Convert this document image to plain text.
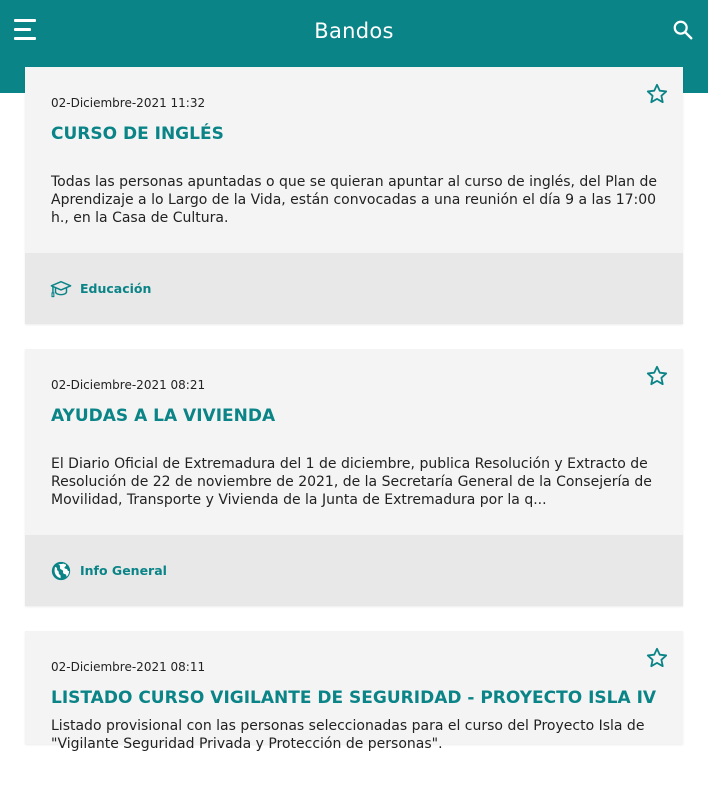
Bandos

02-Diciembre-2021 11:32

CURSO DE INGLÉS

Todas las personas apuntadas o que se quieran apuntar al curso de inglés, del Plan de Aprendizaje a lo Largo de la Vida, están convocadas a una reunión el día 9 a las 17:00 h., en la Casa de Cultura.

Educación

02-Diciembre-2021 08:21

AYUDAS A LA VIVIENDA

El Diario Oficial de Extremadura del 1 de diciembre, publica Resolución y Extracto de Resolución de 22 de noviembre de 2021, de la Secretaría General de la Consejería de Movilidad, Transporte y Vivienda de la Junta de Extremadura por la q...

Info General

02-Diciembre-2021 08:11

LISTADO CURSO VIGILANTE DE SEGURIDAD - PROYECTO ISLA IV

Listado provisional con las personas seleccionadas para el curso del Proyecto Isla de "Vigilante Seguridad Privada y Protección de personas".
